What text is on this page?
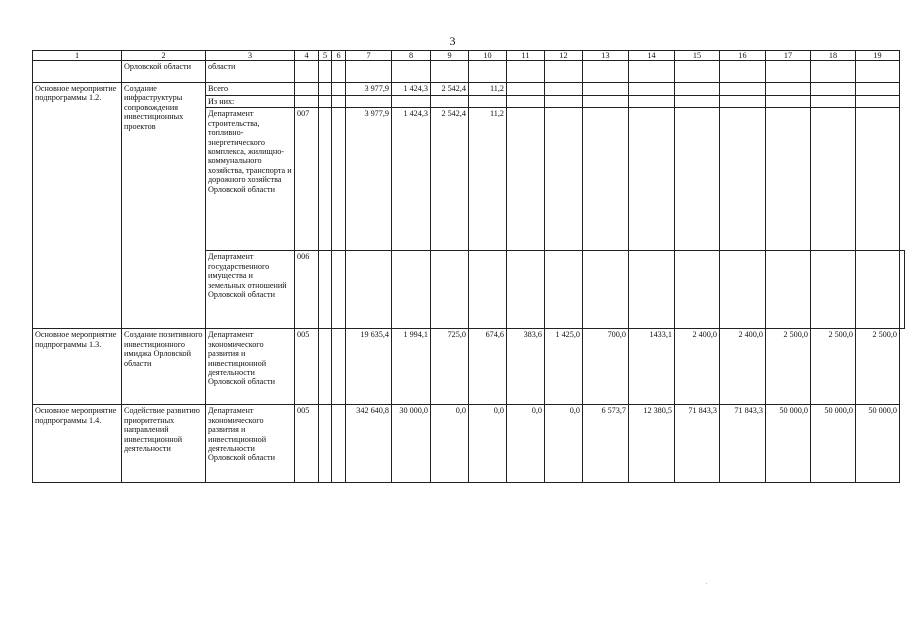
3
1	2	3	4	5	6	7	8	9	10	11	12	13	14	15	16	17	18	19	
	Орловской области	области																	
Основное мероприятие подпрограммы 1.2.	Создание инфраструктуры сопровождения инвестиционных проектов	Всего				3 977,9	1 424,3	2 542,4	11,2										
		Из них:																	
		Департамент строительства, топливно-энергетического комплекса, жилищно-коммунального хозяйства, транспорта и дорожного хозяйства Орловской области	007			3 977,9	1 424,3	2 542,4	11,2										
		Департамент государственного имущества и земельных отношений Орловской области	006																
Основное мероприятие подпрограммы 1.3.	Создание позитивного инвестиционного имиджа Орловской области	Департамент экономического развития и инвестиционной деятельности Орловской области	005			19 635,4	1 994,1	725,0	674,6	383,6	1 425,0	700,0	1433,1	2 400,0	2 400,0	2 500,0	2 500,0	2 500,0	
Основное мероприятие подпрограммы 1.4.	Содействие развитию приоритетных направлений инвестиционной деятельности	Департамент экономического развития и инвестиционной деятельности Орловской области	005			342 640,8	30 000,0	0,0	0,0	0,0	0,0	6 573,7	12 380,5	71 843,3	71 843,3	50 000,0	50 000,0	50 000,0	
